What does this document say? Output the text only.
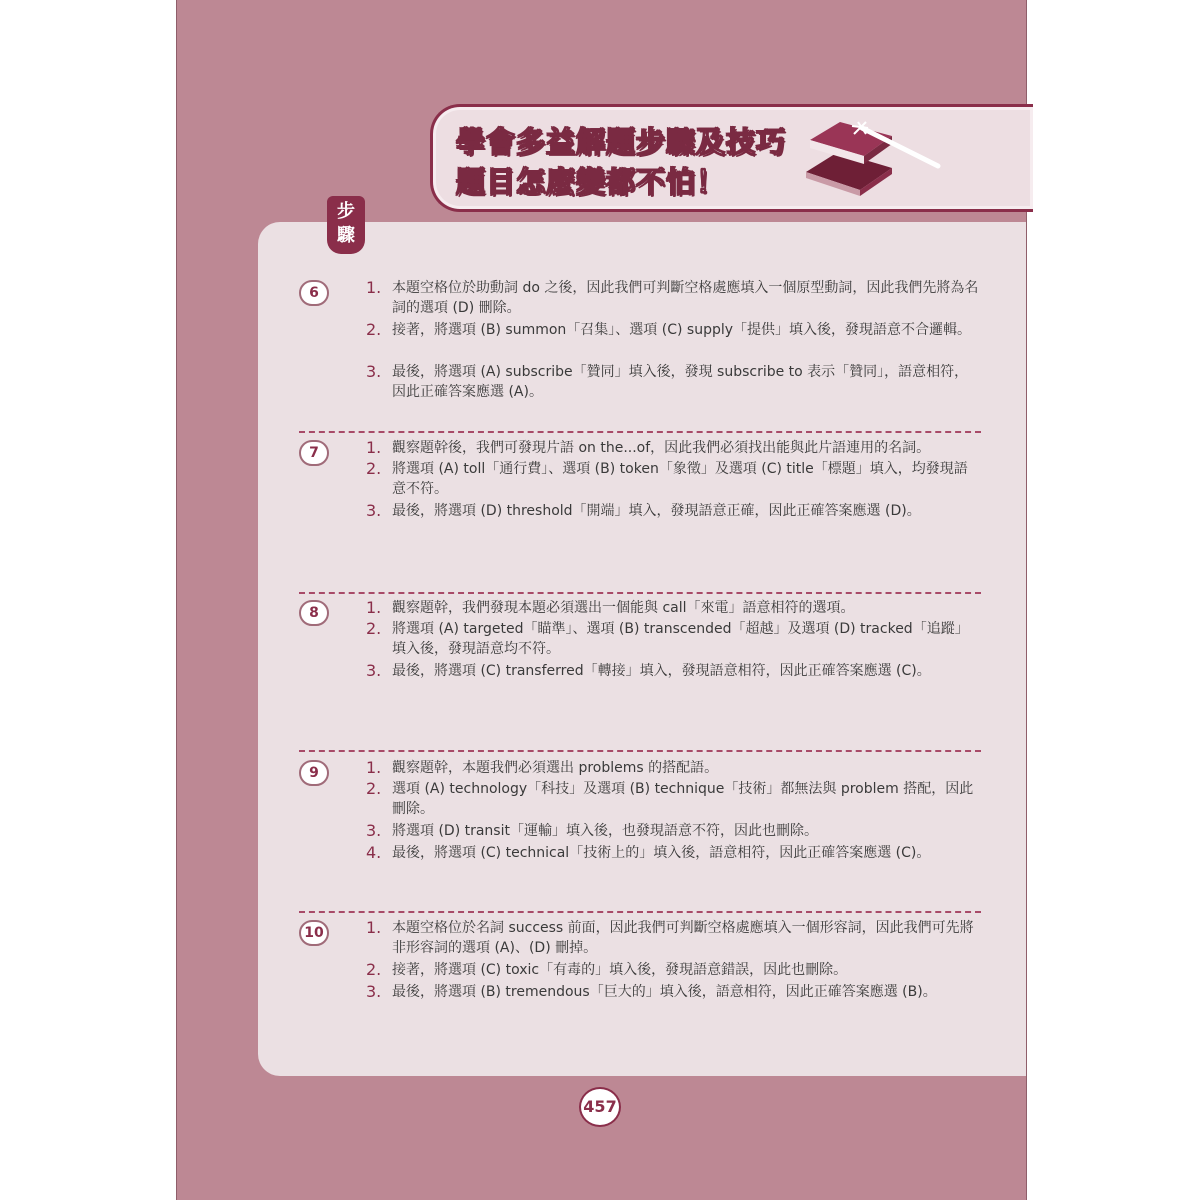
學會多益解題步驟及技巧
題目怎麼變都不怕！
步
驟
6	1. 本題空格位於助動詞 do 之後，因此我們可判斷空格處應填入一個原型動詞，因此我們先將為名詞的選項 (D) 刪除。
2. 接著，將選項 (B) summon「召集」、選項 (C) supply「提供」填入後，發現語意不合邏輯。
3. 最後，將選項 (A) subscribe「贊同」填入後，發現 subscribe to 表示「贊同」，語意相符，因此正確答案應選 (A)。
7	1. 觀察題幹後，我們可發現片語 on the...of，因此我們必須找出能與此片語連用的名詞。
2. 將選項 (A) toll「通行費」、選項 (B) token「象徵」及選項 (C) title「標題」填入，均發現語意不符。
3. 最後，將選項 (D) threshold「開端」填入，發現語意正確，因此正確答案應選 (D)。
8	1. 觀察題幹，我們發現本題必須選出一個能與 call「來電」語意相符的選項。
2. 將選項 (A) targeted「瞄準」、選項 (B) transcended「超越」及選項 (D) tracked「追蹤」填入後，發現語意均不符。
3. 最後，將選項 (C) transferred「轉接」填入，發現語意相符，因此正確答案應選 (C)。
9	1. 觀察題幹，本題我們必須選出 problems 的搭配語。
2. 選項 (A) technology「科技」及選項 (B) technique「技術」都無法與 problem 搭配，因此刪除。
3. 將選項 (D) transit「運輸」填入後，也發現語意不符，因此也刪除。
4. 最後，將選項 (C) technical「技術上的」填入後，語意相符，因此正確答案應選 (C)。
10	1. 本題空格位於名詞 success 前面，因此我們可判斷空格處應填入一個形容詞，因此我們可先將非形容詞的選項 (A)、(D) 刪掉。
2. 接著，將選項 (C) toxic「有毒的」填入後，發現語意錯誤，因此也刪除。
3. 最後，將選項 (B) tremendous「巨大的」填入後，語意相符，因此正確答案應選 (B)。
457
